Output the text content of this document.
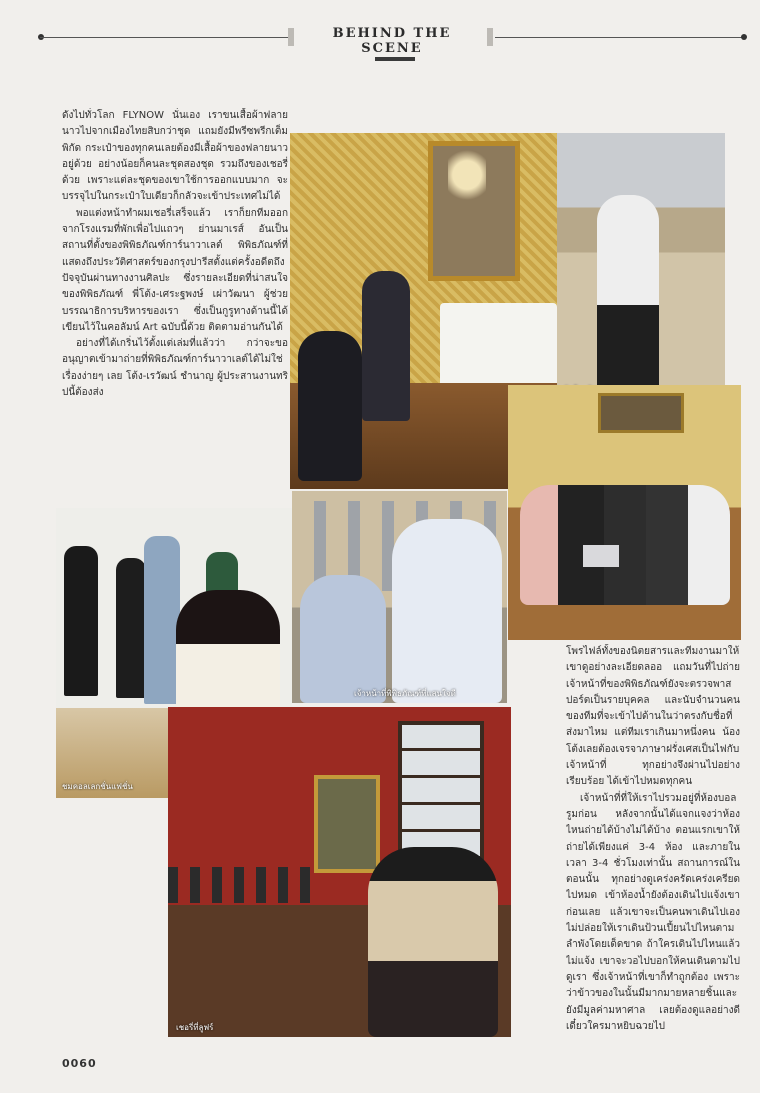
BEHIND THE SCENE

ดังไปทั่วโลก FLYNOW นั่นเอง เราขนเสื้อผ้าฟลายนาวไปจากเมืองไทยสิบกว่าชุด แถมยังมีพรีซพรีกเต็มพิกัด กระเป๋าของทุกคนเลยต้องมีเสื้อผ้าของฟลายนาวอยู่ด้วย อย่างน้อยก็คนละชุดสองชุด รวมถึงของเชอรี่ด้วย เพราะแต่ละชุดของเขาใช้การออกแบบมาก จะบรรจุไปในกระเป๋าใบเดียวก็กลัวจะเข้าประเทศไม่ได้

พอแต่งหน้าทำผมเชอรี่เสร็จแล้ว เราก็ยกทีมออกจากโรงแรมที่พักเพื่อไปแถวๆ ย่านมาเรส์ อันเป็นสถานที่ตั้งของพิพิธภัณฑ์การ์นาวาเลต์ พิพิธภัณฑ์ที่แสดงถึงประวัติศาสตร์ของกรุงปารีสตั้งแต่ครั้งอดีตถึงปัจจุบันผ่านทางงานศิลปะ ซึ่งรายละเอียดที่น่าสนใจของพิพิธภัณฑ์ พี่โต้ง-เศระฐพงษ์ เผ่าวัฒนา ผู้ช่วยบรรณาธิการบริหารของเรา ซึ่งเป็นกูรูทางด้านนี้ได้เขียนไว้ในคอลัมน์ Art ฉบับนี้ด้วย ติดตามอ่านกันได้

อย่างที่ได้เกริ่นไว้ตั้งแต่เล่มที่แล้วว่า กว่าจะขออนุญาตเข้ามาถ่ายที่พิพิธภัณฑ์การ์นาวาเลต์ได้ไม่ใช่เรื่องง่ายๆ เลย โต้ง-เรวัฒน์ ชำนาญ ผู้ประสานงานทริปนี้ต้องส่ง

เจ้าหน้าที่พิพิธภัณฑ์ที่แสนใจดี
ชมคอลเลกชั่นแฟชั่น
เชอรี่ที่ลูฟร์

โพรไฟล์ทั้งของนิตยสารและทีมงานมาให้เขาดูอย่างละเอียดลออ แถมวันที่ไปถ่ายเจ้าหน้าที่ของพิพิธภัณฑ์ยังจะตรวจพาสปอร์ตเป็นรายบุคคล และนับจำนวนคนของทีมที่จะเข้าไปด้านในว่าตรงกับชื่อที่ส่งมาไหม แต่ทีมเราเกินมาหนึ่งคน น้องโต้งเลยต้องเจรจาภาษาฝรั่งเศสเป็นไฟกับเจ้าหน้าที่ ทุกอย่างจึงผ่านไปอย่างเรียบร้อย ได้เข้าไปหมดทุกคน

เจ้าหน้าที่ที่ให้เราไปรวมอยู่ที่ห้องบอลรูมก่อน หลังจากนั้นได้แจกแจงว่าห้องไหนถ่ายได้บ้างไม่ได้บ้าง ตอนแรกเขาให้ถ่ายได้เพียงแค่ 3-4 ห้อง และภายในเวลา 3-4 ชั่วโมงเท่านั้น สถานการณ์ในตอนนั้น ทุกอย่างดูเคร่งครัดเคร่งเครียดไปหมด เข้าห้องน้ำยังต้องเดินไปแจ้งเขาก่อนเลย แล้วเขาจะเป็นคนพาเดินไปเอง ไม่ปล่อยให้เราเดินป้วนเปี้ยนไปไหนตามลำพังโดยเด็ดขาด ถ้าใครเดินไปไหนแล้วไม่แจ้ง เขาจะวอไปบอกให้คนเดินตามไปดูเรา ซึ่งเจ้าหน้าที่เขาก็ทำถูกต้อง เพราะว่าข้าวของในนั้นมีมากมายหลายชิ้นและยังมีมูลค่ามหาศาล เลยต้องดูแลอย่างดี เดี๋ยวใครมาหยิบฉวยไป

0060
